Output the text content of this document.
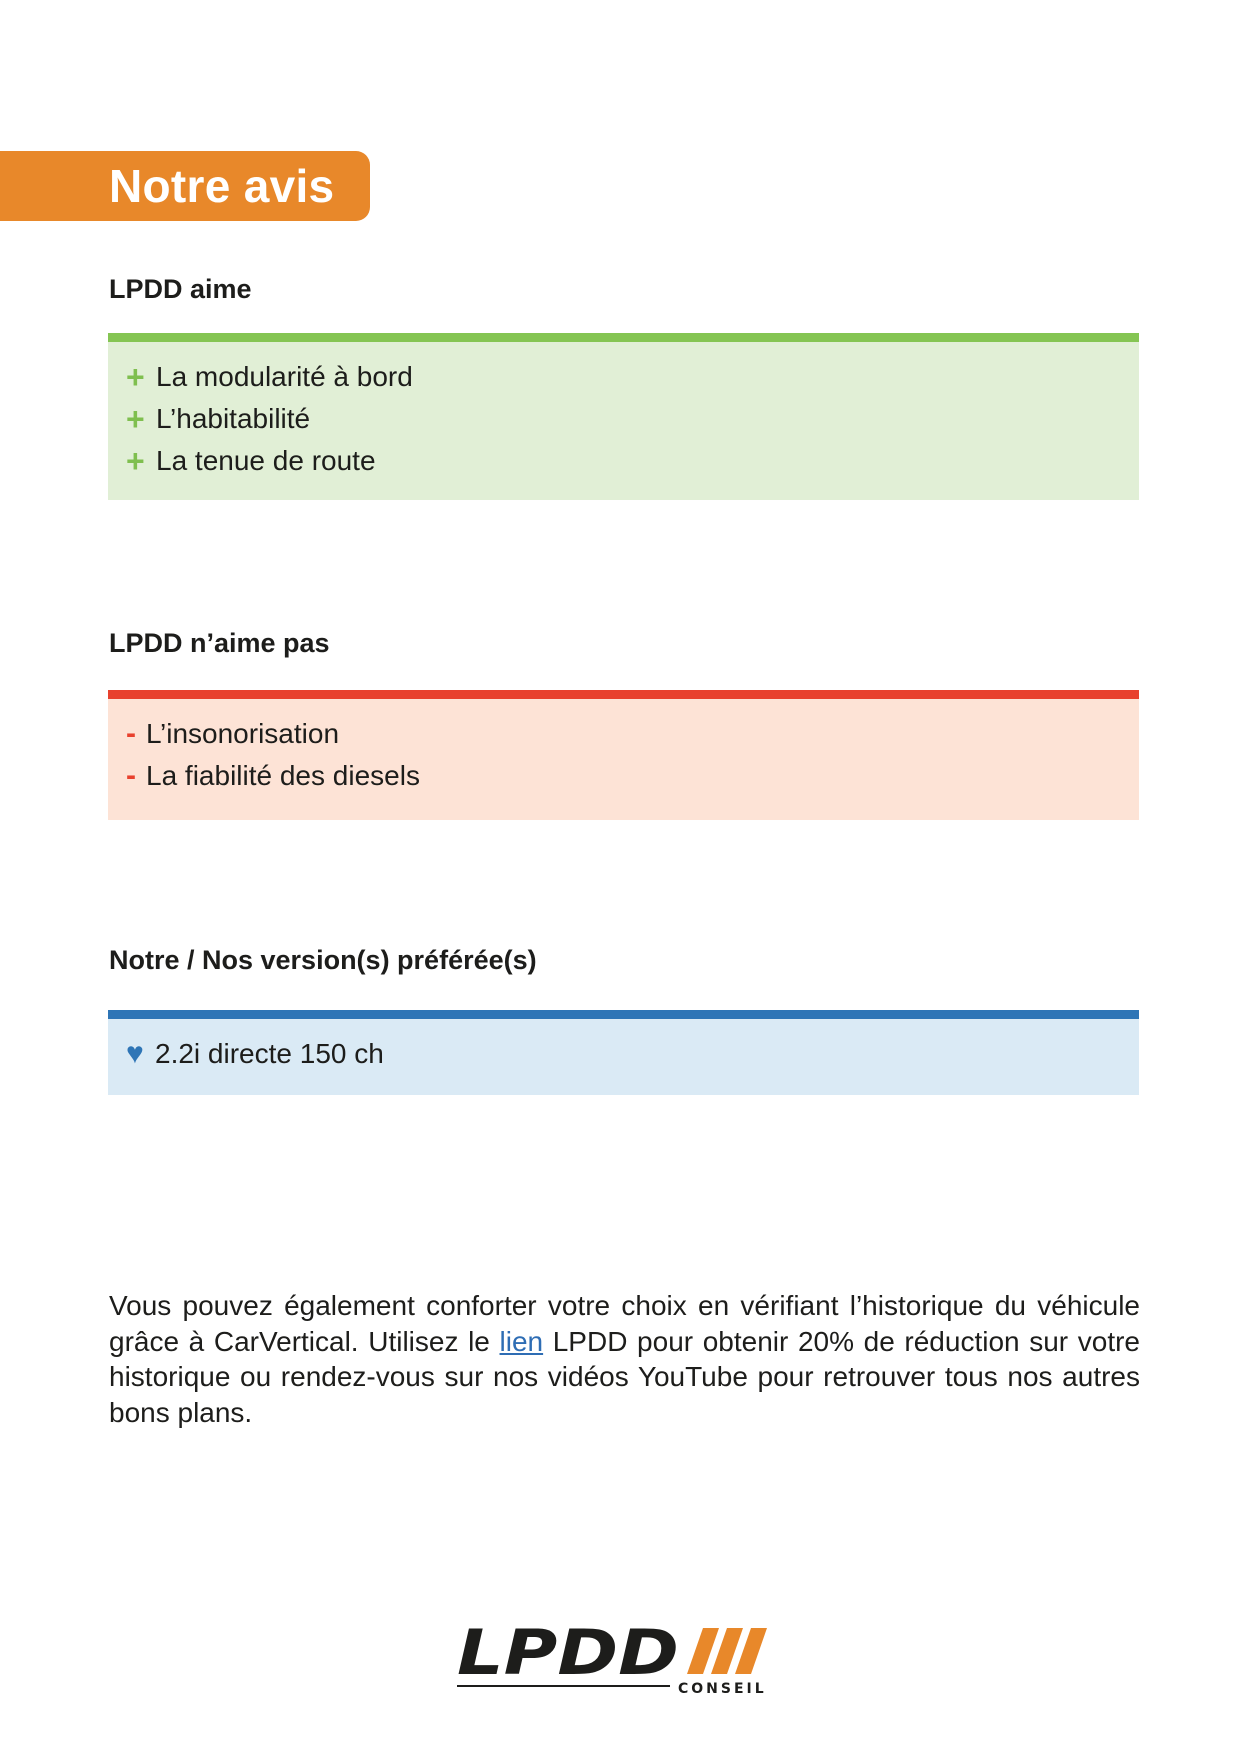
Notre avis
LPDD aime
+ La modularité à bord
+ L’habitabilité
+ La tenue de route
LPDD n’aime pas
- L’insonorisation
- La fiabilité des diesels
Notre / Nos version(s) préférée(s)
♥ 2.2i directe 150 ch

Vous pouvez également conforter votre choix en vérifiant l’historique du véhicule grâce à CarVertical. Utilisez le lien LPDD pour obtenir 20% de réduction sur votre historique ou rendez-vous sur nos vidéos YouTube pour retrouver tous nos autres bons plans.

LPDD CONSEIL
